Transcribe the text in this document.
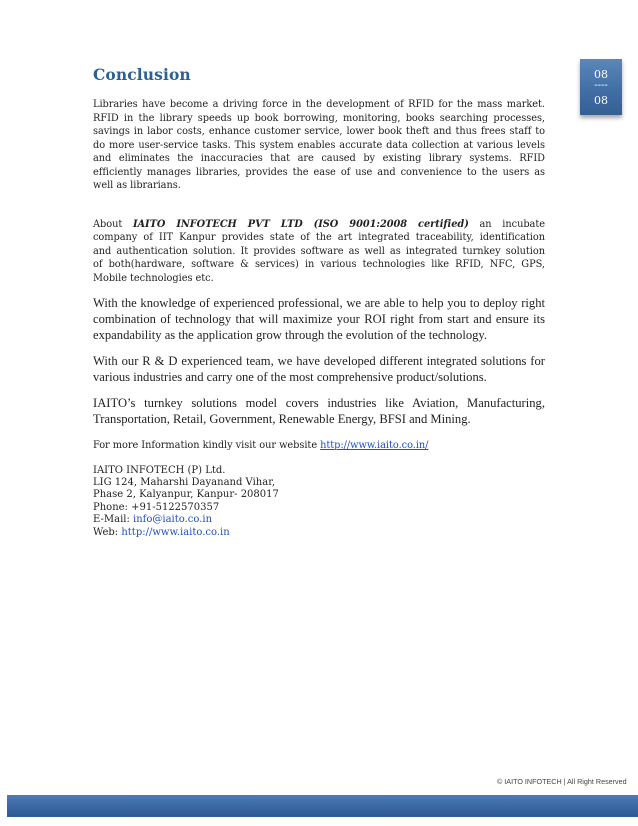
08
----
08
Conclusion

Libraries have become a driving force in the development of RFID for the mass market.
RFID in the library speeds up book borrowing, monitoring, books searching processes,
savings in labor costs, enhance customer service, lower book theft and thus frees staff to
do more user-service tasks. This system enables accurate data collection at various levels
and eliminates the inaccuracies that are caused by existing library systems. RFID
efficiently manages libraries, provides the ease of use and convenience to the users as
well as librarians.

About IAITO INFOTECH PVT LTD (ISO 9001:2008 certified) an incubate
company of IIT Kanpur provides state of the art integrated traceability, identification
and authentication solution. It provides software as well as integrated turnkey solution
of both(hardware, software & services) in various technologies like RFID, NFC, GPS,
Mobile technologies etc.

With the knowledge of experienced professional, we are able to help you to deploy right
combination of technology that will maximize your ROI right from start and ensure its
expandability as the application grow through the evolution of the technology.

With our R & D experienced team, we have developed different integrated solutions for
various industries and carry one of the most comprehensive product/solutions.

IAITO’s turnkey solutions model covers industries like Aviation, Manufacturing,
Transportation, Retail, Government, Renewable Energy, BFSI and Mining.

For more Information kindly visit our website http://www.iaito.co.in/

IAITO INFOTECH (P) Ltd.
LIG 124, Maharshi Dayanand Vihar,
Phase 2, Kalyanpur, Kanpur- 208017
Phone: +91-5122570357
E-Mail: info@iaito.co.in
Web: http://www.iaito.co.in
© IAITO INFOTECH | All Right Reserved
